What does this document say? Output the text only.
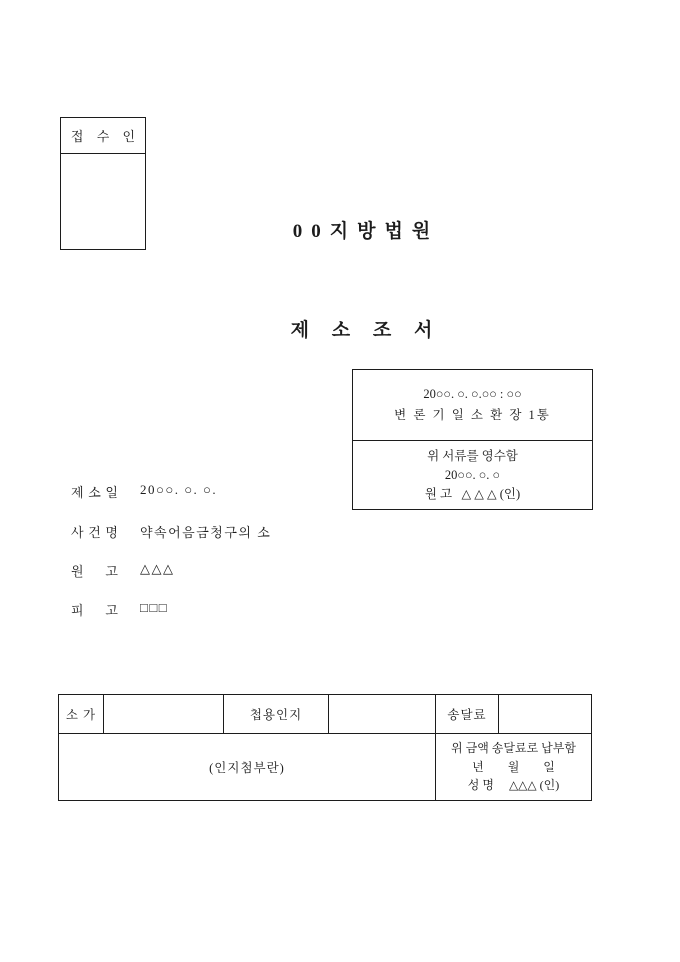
접 수 인

00지방법원

제 소 조 서

20○○. ○. ○.○○ : ○○
변 론 기 일 소 환 장 1통
위 서류를 영수함
20○○. ○. ○
원 고   △ △ △ (인)

제 소 일 20○○. ○. ○.

사 건 명 약속어음금청구의 소

원 고 △△△

피 고 □□□

소 가	첩용인지	송달료
(인지첨부란)
위 금액 송달료로 납부함
년        월        일
성 명     △△△ (인)
